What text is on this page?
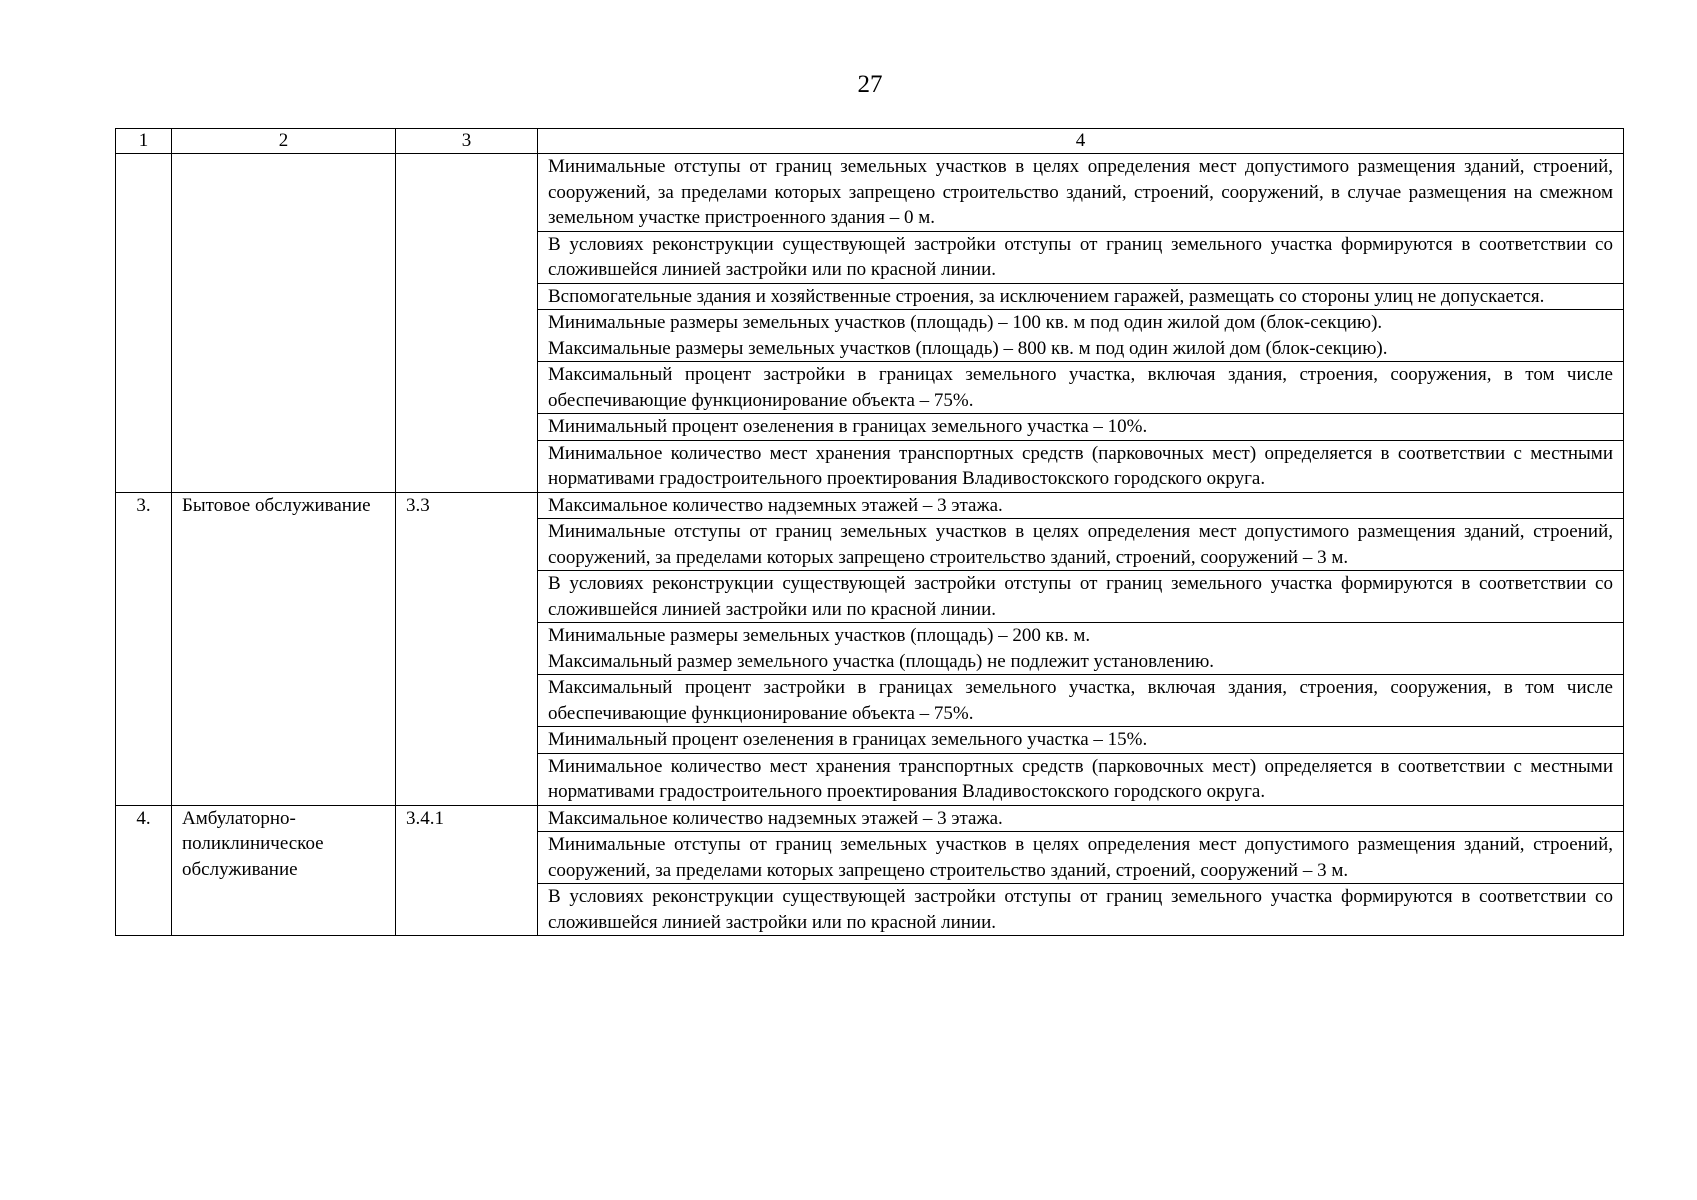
27
1	2	3	4
			Минимальные отступы от границ земельных участков в целях определения мест допустимого размещения зданий, строений, сооружений, за пределами которых запрещено строительство зданий, строений, сооружений, в случае размещения на смежном земельном участке пристроенного здания – 0 м.
			В условиях реконструкции существующей застройки отступы от границ земельного участка формируются в соответствии со сложившейся линией застройки или по красной линии.
			Вспомогательные здания и хозяйственные строения, за исключением гаражей, размещать со стороны улиц не допускается.
			Минимальные размеры земельных участков (площадь) – 100 кв. м под один жилой дом (блок-секцию).
Максимальные размеры земельных участков (площадь) – 800 кв. м под один жилой дом (блок-секцию).
			Максимальный процент застройки в границах земельного участка, включая здания, строения, сооружения, в том числе обеспечивающие функционирование объекта – 75%.
			Минимальный процент озеленения в границах земельного участка – 10%.
			Минимальное количество мест хранения транспортных средств (парковочных мест) определяется в соответствии с местными нормативами градостроительного проектирования Владивостокского городского округа.
3.	Бытовое обслуживание	3.3	Максимальное количество надземных этажей – 3 этажа.
			Минимальные отступы от границ земельных участков в целях определения мест допустимого размещения зданий, строений, сооружений, за пределами которых запрещено строительство зданий, строений, сооружений – 3 м.
			В условиях реконструкции существующей застройки отступы от границ земельного участка формируются в соответствии со сложившейся линией застройки или по красной линии.
			Минимальные размеры земельных участков (площадь) – 200 кв. м.
Максимальный размер земельного участка (площадь) не подлежит установлению.
			Максимальный процент застройки в границах земельного участка, включая здания, строения, сооружения, в том числе обеспечивающие функционирование объекта – 75%.
			Минимальный процент озеленения в границах земельного участка – 15%.
			Минимальное количество мест хранения транспортных средств (парковочных мест) определяется в соответствии с местными нормативами градостроительного проектирования Владивостокского городского округа.
4.	Амбулаторно-поликлиническое обслуживание	3.4.1	Максимальное количество надземных этажей – 3 этажа.
			Минимальные отступы от границ земельных участков в целях определения мест допустимого размещения зданий, строений, сооружений, за пределами которых запрещено строительство зданий, строений, сооружений – 3 м.
			В условиях реконструкции существующей застройки отступы от границ земельного участка формируются в соответствии со сложившейся линией застройки или по красной линии.
